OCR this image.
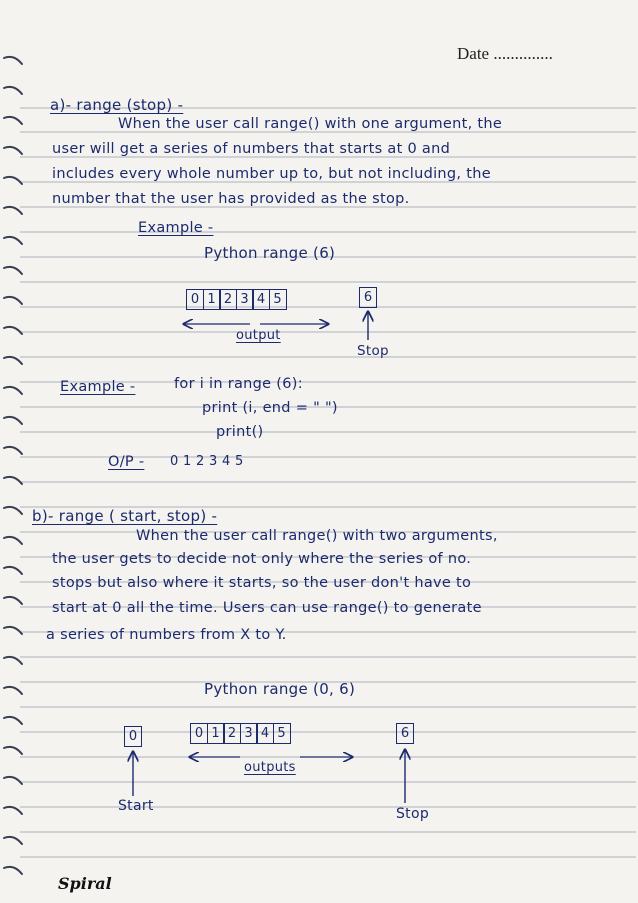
Date ..............
a)- range (stop) -
When the user call range() with one argument, the
user will get a series of numbers that starts at 0 and
includes every whole number up to, but not including, the
number that the user has provided as the stop.
Example -
Python range (6)
0 1 2 3 4 5	6
output
Stop
Example -	for i in range (6):
print (i, end = " ")
print()
O/P - 0 1 2 3 4 5
b)- range ( start, stop) -
When the user call range() with two arguments,
the user gets to decide not only where the series of no.
stops but also where it starts, so the user don't have to
start at 0 all the time. Users can use range() to generate
a series of numbers from X to Y.
Python range (0, 6)
0	0 1 2 3 4 5	6
outputs
Start	Stop
Spiral
